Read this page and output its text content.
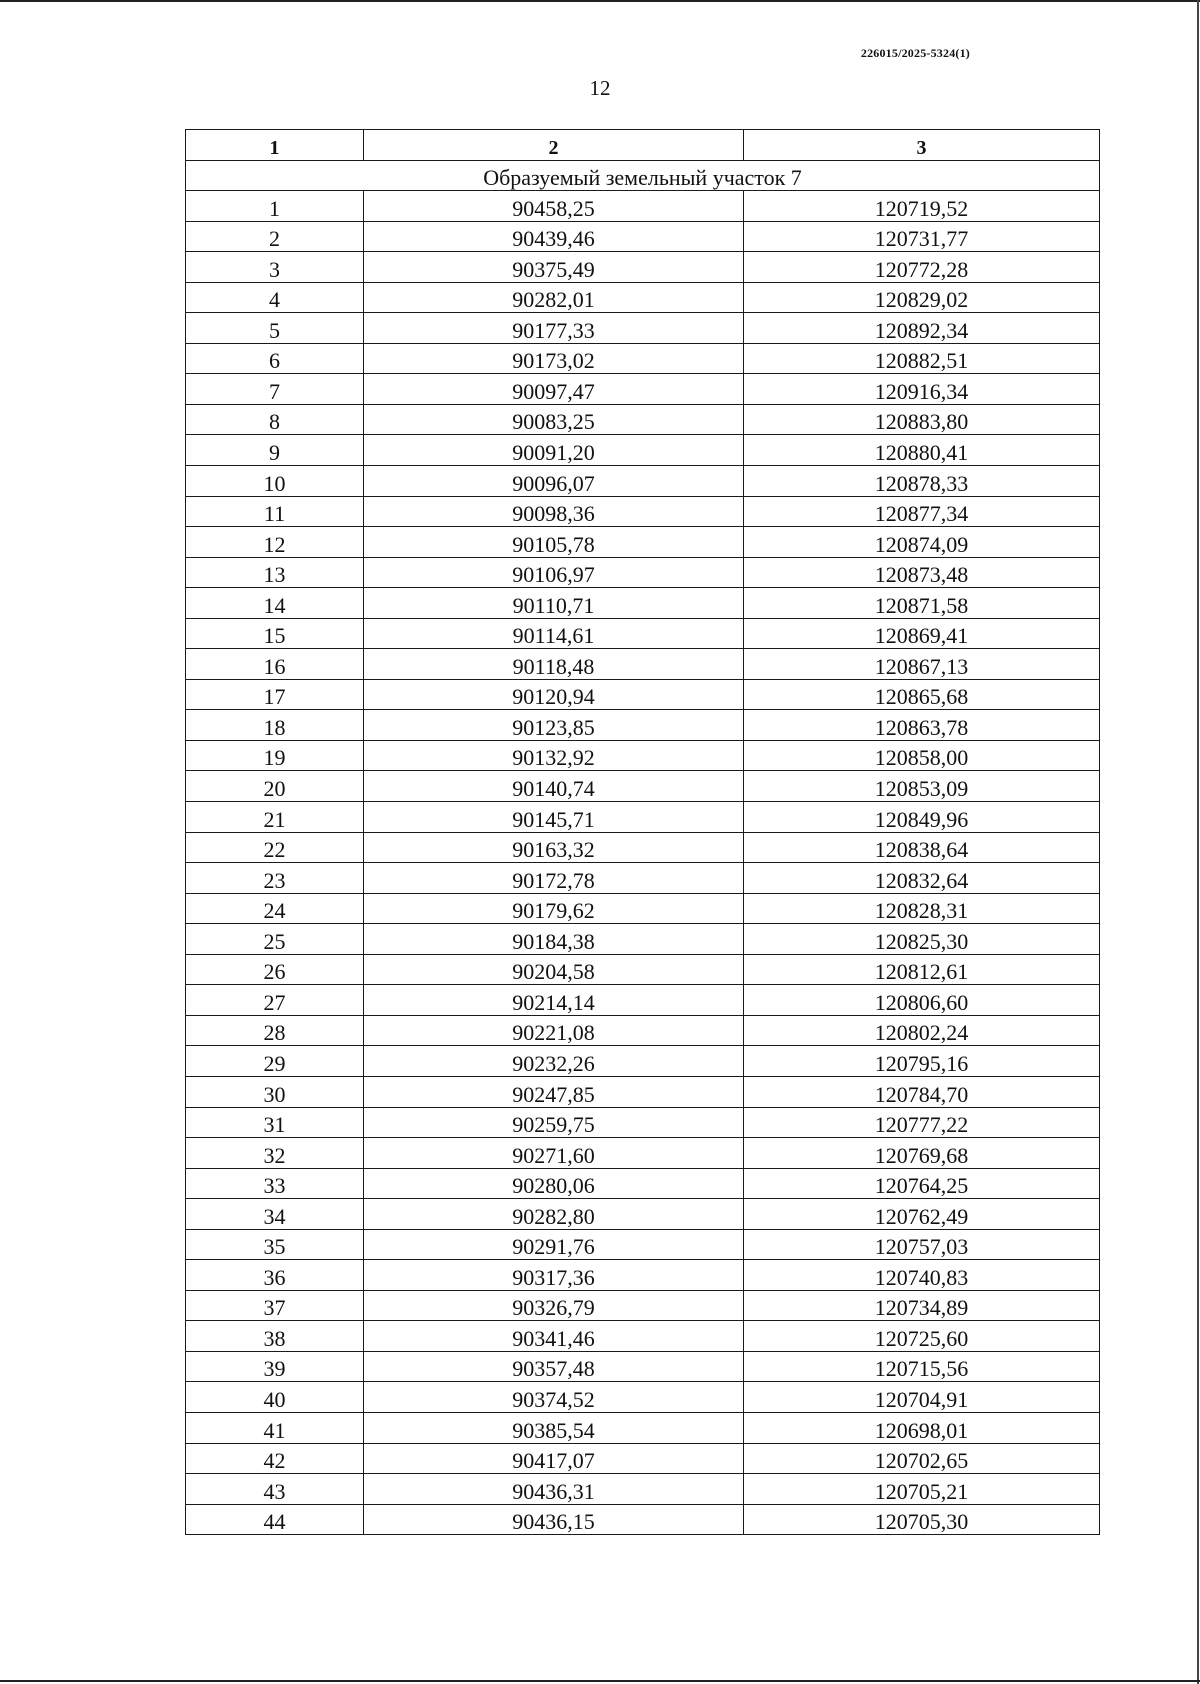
226015/2025-5324(1)
12
1	2	3
Образуемый земельный участок 7		
1	90458,25	120719,52
2	90439,46	120731,77
3	90375,49	120772,28
4	90282,01	120829,02
5	90177,33	120892,34
6	90173,02	120882,51
7	90097,47	120916,34
8	90083,25	120883,80
9	90091,20	120880,41
10	90096,07	120878,33
11	90098,36	120877,34
12	90105,78	120874,09
13	90106,97	120873,48
14	90110,71	120871,58
15	90114,61	120869,41
16	90118,48	120867,13
17	90120,94	120865,68
18	90123,85	120863,78
19	90132,92	120858,00
20	90140,74	120853,09
21	90145,71	120849,96
22	90163,32	120838,64
23	90172,78	120832,64
24	90179,62	120828,31
25	90184,38	120825,30
26	90204,58	120812,61
27	90214,14	120806,60
28	90221,08	120802,24
29	90232,26	120795,16
30	90247,85	120784,70
31	90259,75	120777,22
32	90271,60	120769,68
33	90280,06	120764,25
34	90282,80	120762,49
35	90291,76	120757,03
36	90317,36	120740,83
37	90326,79	120734,89
38	90341,46	120725,60
39	90357,48	120715,56
40	90374,52	120704,91
41	90385,54	120698,01
42	90417,07	120702,65
43	90436,31	120705,21
44	90436,15	120705,30
